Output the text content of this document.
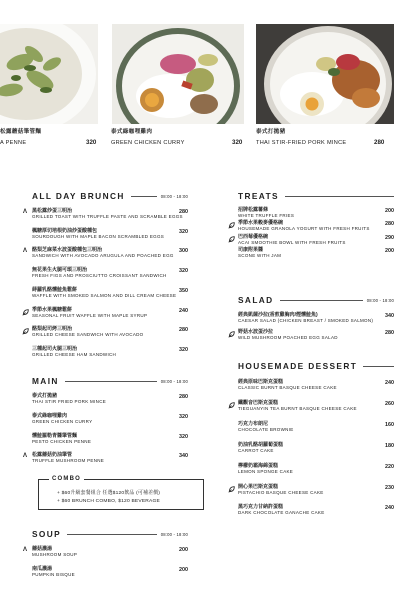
松露蘑菇筆管麵
A PENNE	320
泰式綠咖哩雞肉
GREEN CHICKEN CURRY	320
泰式打拋豬
THAI STIR-FRIED PORK MINCE	280
ALL DAY BRUNCH	08:00 - 18:00
MAIN	08:00 - 18:00
SOUP	08:00 - 18:00
TREATS
SALAD	08:00 - 18:00
HOUSEMADE DESSERT
黑松露炒蛋三明治
GRILLED TOAST WITH TRUFFLE PASTE AND SCRAMBLE EGGS
280
Λ
楓糖厚切培根奶油炒蛋酸種包
SOURDOUGH WITH MAPLE BACON SCRAMBLED EGGS
320
酪梨芝麻菜水波蛋酸種包三明治
SANDWICH WITH AVOCADO ARUGULA AND POACHED EGG
300
Λ
無花果生火腿可頌三明治
FRESH FIGS AND PROSCIUTTO CROISSANT SANDWICH
320
蒔蘿乳酪燻鮭魚鬆餅
WAFFLE WITH SMOKED SALMON AND DILL CREAM CHEESE
350
季節水果楓糖鬆餅
SEASONAL FRUIT WAFFLE WITH MAPLE SYRUP
240
酪梨起司烤三明治
GRILLED CHEESE SANDWICH WITH AVOCADO
280
三種起司火腿三明治
GRILLED CHEESE HAM SANDWICH
320
泰式打拋豬
THAI STIR FRIED PORK MINCE
280
泰式綠咖哩雞肉
GREEN CHICKEN CURRY
320
燻鮭羅勒青醬筆管麵
PESTO CHICKEN PENNE
320
松露蘑菇奶油筆管
TRUFFLE MUSHROOM PENNE
340
Λ
蘑菇濃湯
MUSHROOM SOUP
200
Λ
南瓜濃湯
PUMPKIN BISQUE
200
招牌松露薯條
WHITE TRUFFLE FRIES
200
季節水果穀麥優格碗
HOUSEMADE GRANOLA YOGURT WITH FRESH FRUITS
280
巴西莓優格碗
ACAI SMOOTHIE BOWL WITH FRESH FRUITS
290
司康附果醬
SCONE WITH JAM
200
經典凱薩沙拉(香煎雞胸肉/煙燻鮭魚)
CAESAR SALAD (CHICKEN BREAST / SMOKED SALMON)
340
野菇水波蛋沙拉
WILD MUSHROOM POACHED EGG SALAD
280
經典原味巴斯克蛋糕
CLASSIC BURNT BASQUE CHEESE CAKE
240
鐵觀音巴斯克蛋糕
TIEGUANYIN TEA BURNT BASQUE CHEESE CAKE
260
巧克力布朗尼
CHOCOLATE BROWNIE
160
奶油乳酪胡蘿蔔蛋糕
CARROT CAKE
180
檸檬奶霜海綿蛋糕
LEMON SPONGE CAKE
220
開心果巴斯克蛋糕
PISTACHIO BASQUE CHEESE CAKE
230
黑巧克力甘納許蛋糕
DARK CHOCOLATE GANACHE CAKE
240
COMBO
+ $60升級套餐組合 任選$120飲品 (可補差價)
+ $60 BRUNCH COMBO, $120 BEVERAGE
